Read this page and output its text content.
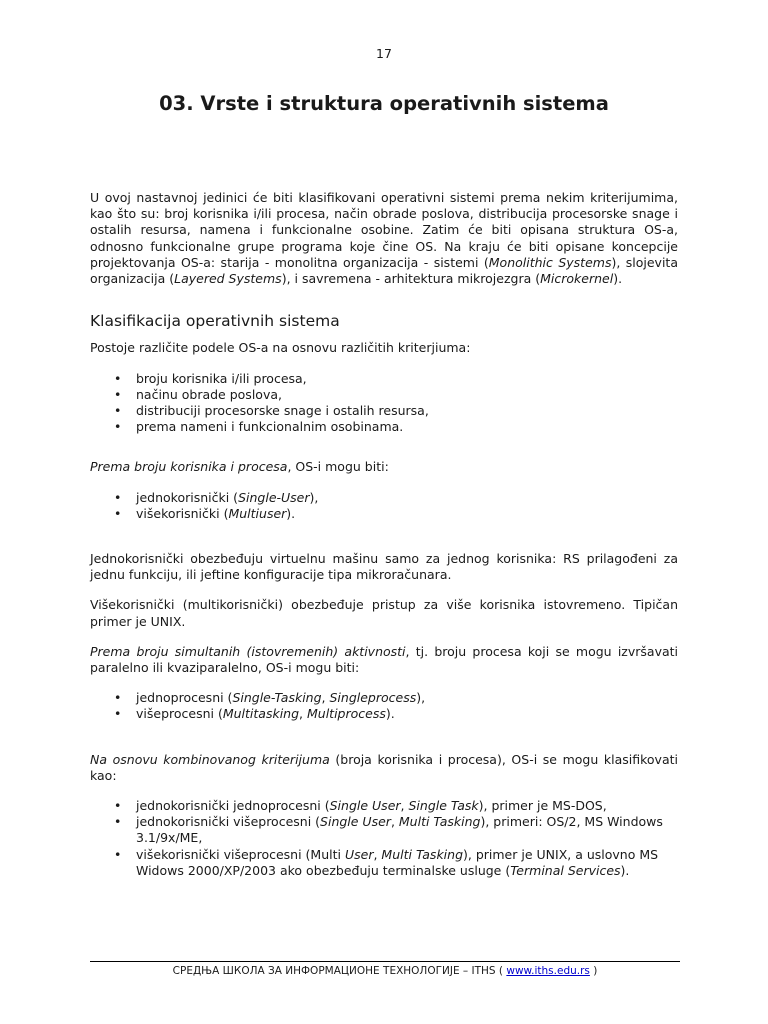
17
03. Vrste i struktura operativnih sistema

U ovoj nastavnoj jedinici će biti klasifikovani operativni sistemi prema nekim kriterijumima, kao što su: broj korisnika i/ili procesa, način obrade poslova, distribucija procesorske snage i ostalih resursa, namena i funkcionalne osobine. Zatim će biti opisana struktura OS-a, odnosno funkcionalne grupe programa koje čine OS. Na kraju će biti opisane koncepcije projektovanja OS-a: starija - monolitna organizacija - sistemi (Monolithic Systems), slojevita organizacija (Layered Systems), i savremena - arhitektura mikrojezgra (Microkernel).

Klasifikacija operativnih sistema

Postoje različite podele OS-a na osnovu različitih kriterjiuma:

• broju korisnika i/ili procesa,
• načinu obrade poslova,
• distribuciji procesorske snage i ostalih resursa,
• prema nameni i funkcionalnim osobinama.

Prema broju korisnika i procesa, OS-i mogu biti:

• jednokorisnički (Single-User),
• višekorisnički (Multiuser).

Jednokorisnički obezbeđuju virtuelnu mašinu samo za jednog korisnika: RS prilagođeni za jednu funkciju, ili jeftine konfiguracije tipa mikroračunara.

Višekorisnički (multikorisnički) obezbeđuje pristup za više korisnika istovremeno. Tipičan primer je UNIX.

Prema broju simultanih (istovremenih) aktivnosti, tj. broju procesa koji se mogu izvršavati paralelno ili kvaziparalelno, OS-i mogu biti:

• jednoprocesni (Single-Tasking, Singleprocess),
• višeprocesni (Multitasking, Multiprocess).

Na osnovu kombinovanog kriterijuma (broja korisnika i procesa), OS-i se mogu klasifikovati kao:

• jednokorisnički jednoprocesni (Single User, Single Task), primer je MS-DOS,
• jednokorisnički višeprocesni (Single User, Multi Tasking), primeri: OS/2, MS Windows 3.1/9x/ME,
• višekorisnički višeprocesni (Multi User, Multi Tasking), primer je UNIX, a uslovno MS Widows 2000/XP/2003 ako obezbeđuju terminalske usluge (Terminal Services).
СРЕДЊА ШКОЛА ЗА ИНФОРМАЦИОНЕ ТЕХНОЛОГИЈЕ – ITHS ( www.iths.edu.rs )
